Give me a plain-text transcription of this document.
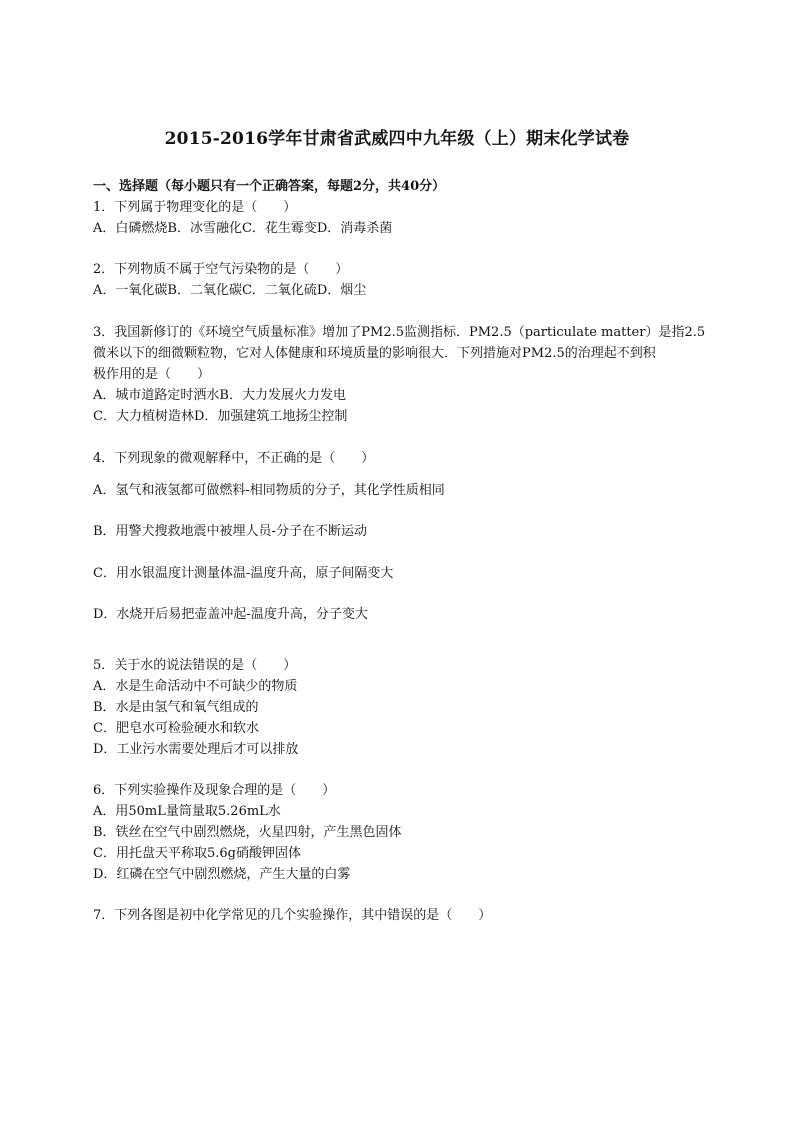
2015-2016学年甘肃省武威四中九年级（上）期末化学试卷
一、选择题（每小题只有一个正确答案，每题2分，共40分）
1．下列属于物理变化的是（　　）
A．白磷燃烧B．冰雪融化C．花生霉变D．消毒杀菌
2．下列物质不属于空气污染物的是（　　）
A．一氧化碳B．二氧化碳C．二氧化硫D．烟尘
3．我国新修订的《环境空气质量标准》增加了PM2.5监测指标．PM2.5（particulate matter）是指2.5
微米以下的细微颗粒物，它对人体健康和环境质量的影响很大．下列措施对PM2.5的治理起不到积
极作用的是（　　）
A．城市道路定时洒水B．大力发展火力发电
C．大力植树造林D．加强建筑工地扬尘控制
4．下列现象的微观解释中，不正确的是（　　）
A．氢气和液氢都可做燃料-相同物质的分子，其化学性质相同
B．用警犬搜救地震中被埋人员-分子在不断运动
C．用水银温度计测量体温-温度升高，原子间隔变大
D．水烧开后易把壶盖冲起-温度升高，分子变大
5．关于水的说法错误的是（　　）
A．水是生命活动中不可缺少的物质
B．水是由氢气和氧气组成的
C．肥皂水可检验硬水和软水
D．工业污水需要处理后才可以排放
6．下列实验操作及现象合理的是（　　）
A．用50mL量筒量取5.26mL水
B．铁丝在空气中剧烈燃烧，火星四射，产生黑色固体
C．用托盘天平称取5.6g硝酸钾固体
D．红磷在空气中剧烈燃烧，产生大量的白雾
7．下列各图是初中化学常见的几个实验操作，其中错误的是（　　）
